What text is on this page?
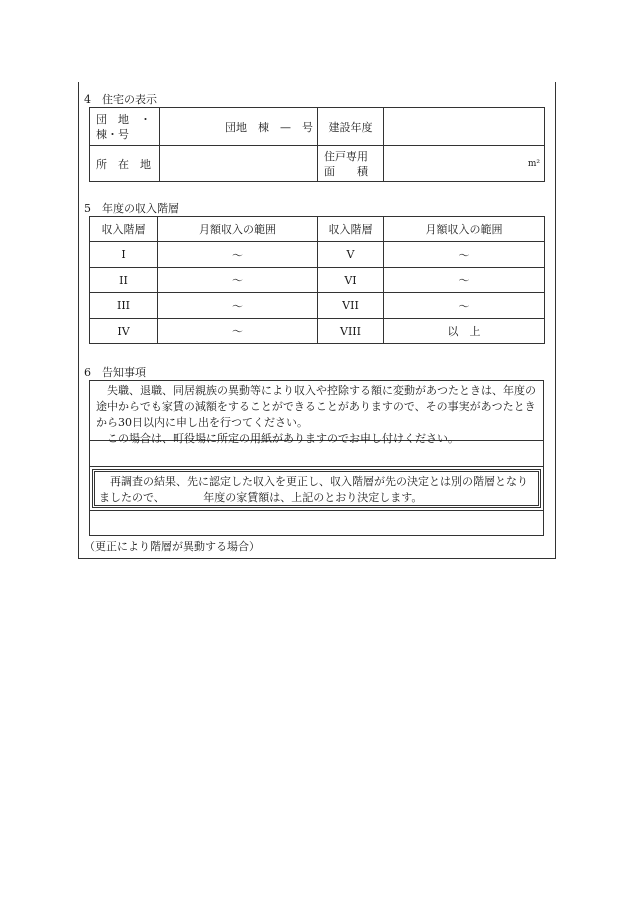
4　住宅の表示
団　地　・
棟・号	団地　棟　—　号	建設年度	
所　在　地		住戸専用
面　　積	m²
5　年度の収入階層
収入階層	月額収入の範囲	収入階層	月額収入の範囲
I	〜	V	〜
II	〜	VI	〜
III	〜	VII	〜
IV	〜	VIII	以　上
6　告知事項

失職、退職、同居親族の異動等により収入や控除する額に変動があつたときは、年度の途中からでも家賃の減額をすることができることがありますので、その事実があつたときから30日以内に申し出を行つてください。

この場合は、町役場に所定の用紙がありますのでお申し付けください。

再調査の結果、先に認定した収入を更正し、収入階層が先の決定とは別の階層となりましたので、　　　　年度の家賃額は、上記のとおり決定します。

（更正により階層が異動する場合）
